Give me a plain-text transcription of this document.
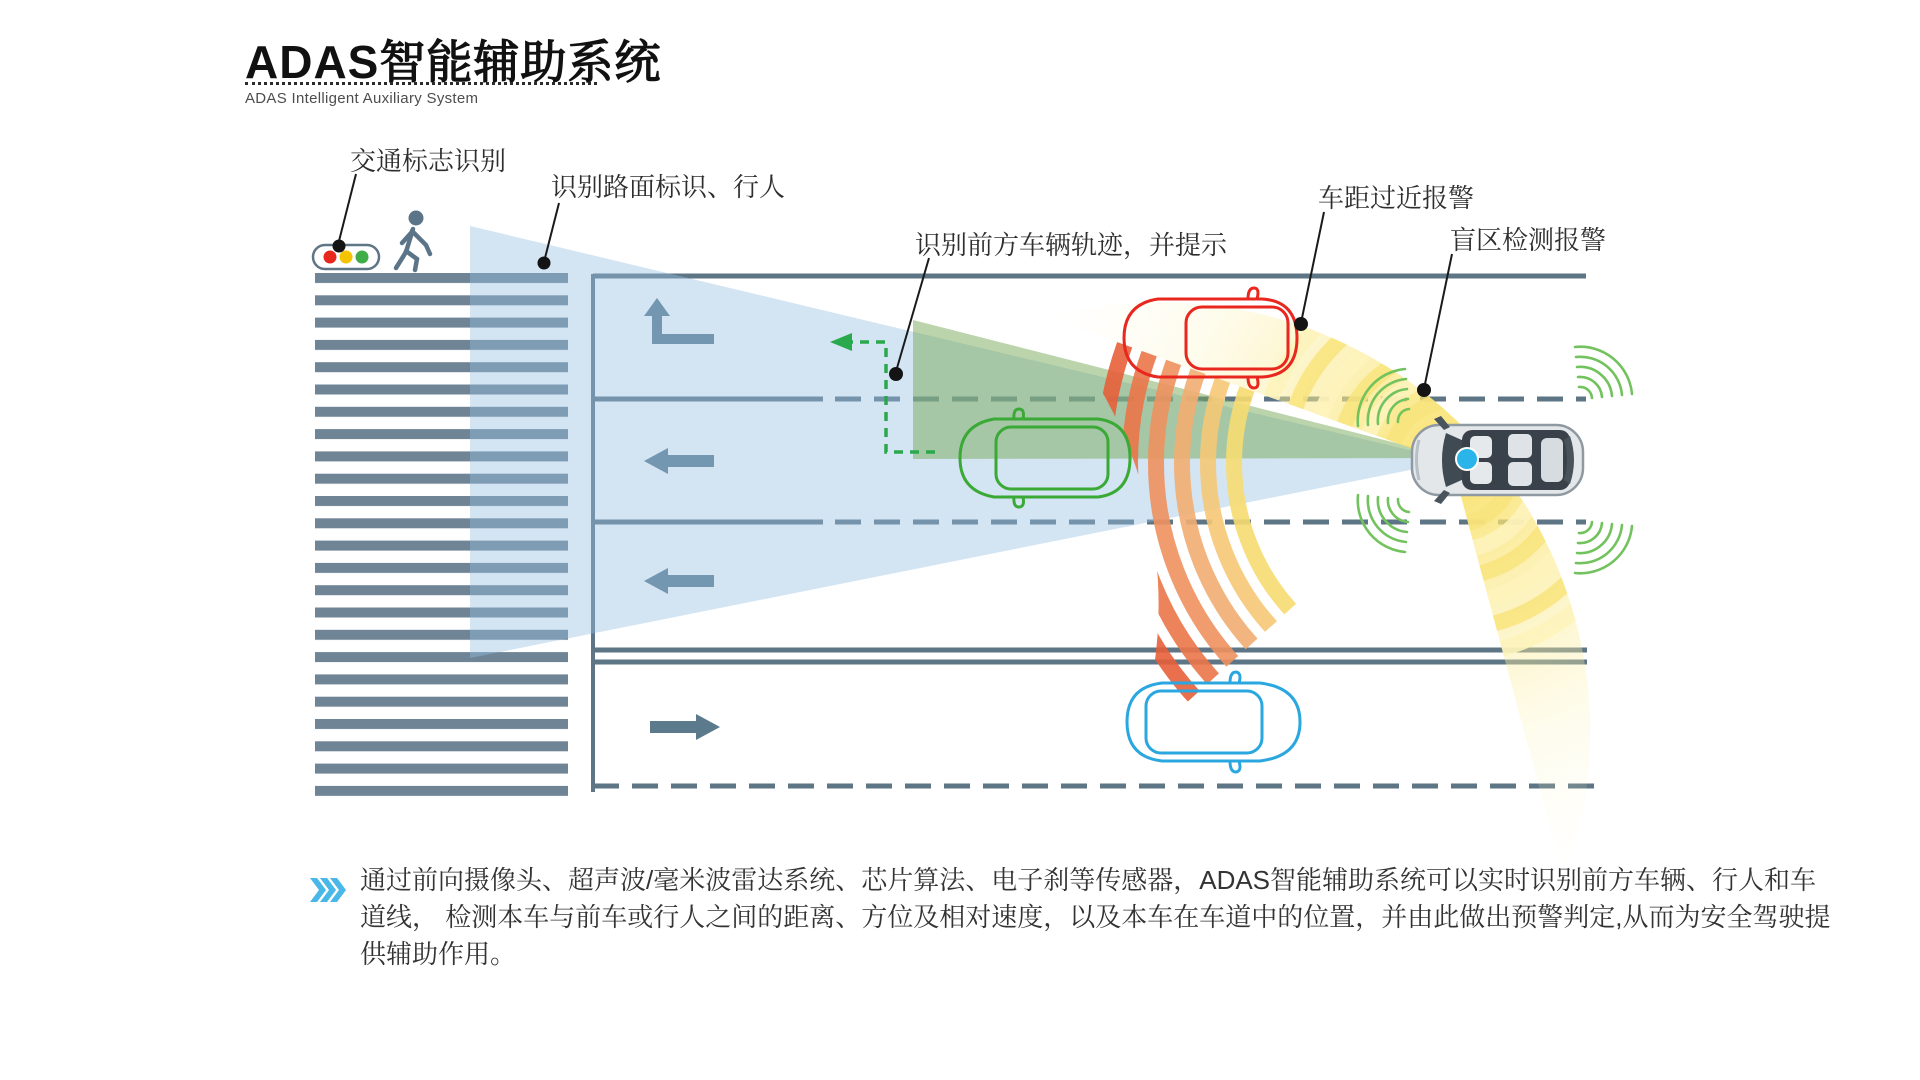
ADAS智能辅助系统
ADAS Intelligent Auxiliary System
交通标志识别
识别路面标识、行人
识别前方车辆轨迹，并提示
车距过近报警
盲区检测报警
通过前向摄像头、超声波/毫米波雷达系统、芯片算法、电子刹等传感器，ADAS智能辅助系统可以实时识别前方车辆、行人和车
道线， 检测本车与前车或行人之间的距离、方位及相对速度，以及本车在车道中的位置，并由此做出预警判定,从而为安全驾驶提
供辅助作用。
